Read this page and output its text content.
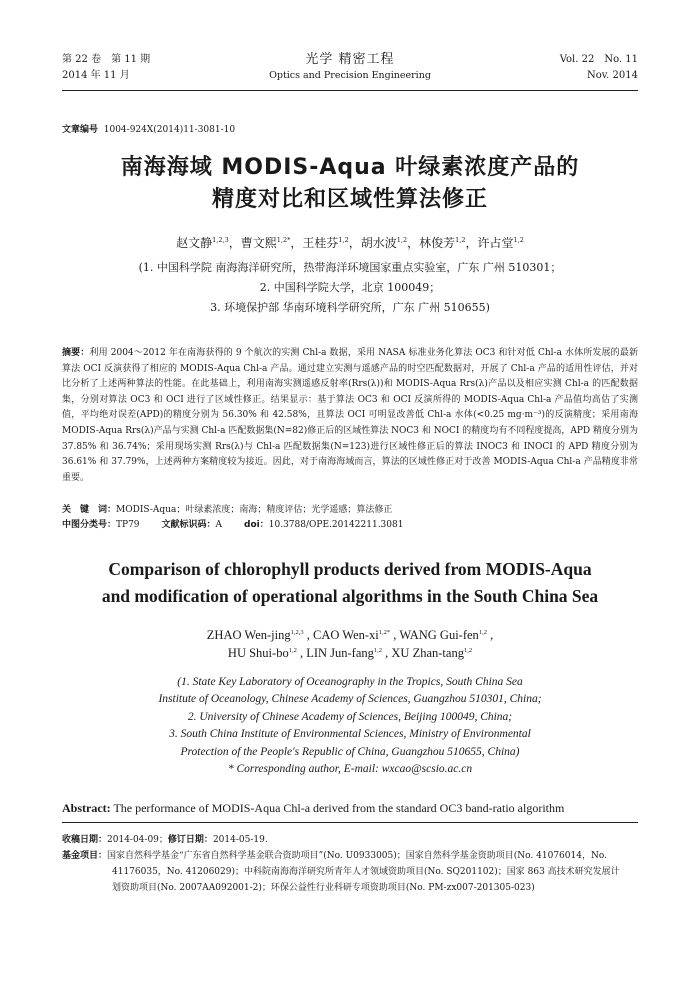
第 22 卷　第 11 期
2014 年 11 月
光学 精密工程
Optics and Precision Engineering
Vol. 22　No. 11
Nov. 2014
文章编号 1004-924X(2014)11-3081-10
南海海域 MODIS-Aqua 叶绿素浓度产品的
精度对比和区域性算法修正
赵文静$^{1,2,3}$，曹文熙$^{1,2*}$，王桂芬$^{1,2}$，胡水波$^{1,2}$，林俊芳$^{1,2}$，许占堂$^{1,2}$
(1. 中国科学院 南海海洋研究所，热带海洋环境国家重点实验室，广东 广州 510301；
2. 中国科学院大学，北京 100049；
3. 环境保护部 华南环境科学研究所，广东 广州 510655)
摘要：利用 2004～2012 年在南海获得的 9 个航次的实测 Chl-a 数据，采用 NASA 标准业务化算法 OC3 和针对低 Chl-a 水体所发展的最新算法 OCI 反演获得了相应的 MODIS-Aqua Chl-a 产品。通过建立实测与遥感产品的时空匹配数据对，开展了 Chl-a 产品的适用性评估，并对比分析了上述两种算法的性能。在此基础上，利用南海实测遥感反射率(Rrs(λ))和 MODIS-Aqua Rrs(λ)产品以及相应实测 Chl-a 的匹配数据集，分别对算法 OC3 和 OCI 进行了区域性修正。结果显示：基于算法 OC3 和 OCI 反演所得的 MODIS-Aqua Chl-a 产品值均高估了实测值，平均绝对误差(APD)的精度分别为 56.30% 和 42.58%，且算法 OCI 可明显改善低 Chl-a 水体(<0.25 mg·m⁻³)的反演精度；采用南海 MODIS-Aqua Rrs(λ)产品与实测 Chl-a 匹配数据集(N=82)修正后的区域性算法 NOC3 和 NOCI 的精度均有不同程度提高，APD 精度分别为 37.85% 和 36.74%；采用现场实测 Rrs(λ)与 Chl-a 匹配数据集(N=123)进行区域性修正后的算法 INOC3 和 INOCI 的 APD 精度分别为 36.61% 和 37.79%，上述两种方案精度较为接近。因此，对于南海海域而言，算法的区域性修正对于改善 MODIS-Aqua Chl-a 产品精度非常重要。
关　键　词：MODIS-Aqua；叶绿素浓度；南海；精度评估；光学遥感；算法修正
中图分类号：TP79 文献标识码：A doi：10.3788/OPE.20142211.3081
Comparison of chlorophyll products derived from MODIS-Aqua
and modification of operational algorithms in the South China Sea
ZHAO Wen-jing$^{1,2,3}$ , CAO Wen-$xi^{1,2*}$ , WANG Gui-fen$^{1,2}$ ,
HU Shui-bo$^{1,2}$ , LIN Jun-fang$^{1,2}$ , XU Zhan-tang$^{1,2}$
(1. State Key Laboratory of Oceanography in the Tropics, South China Sea
Institute of Oceanology, Chinese Academy of Sciences, Guangzhou 510301, China;
2. University of Chinese Academy of Sciences, Beijing 100049, China;
3. South China Institute of Environmental Sciences, Ministry of Environmental
Protection of the People's Republic of China, Guangzhou 510655, China)
* Corresponding author, E-mail: wxcao@scsio.ac.cn
Abstract: The performance of MODIS-Aqua Chl-a derived from the standard OC3 band-ratio algorithm
收稿日期：2014-04-09；修订日期：2014-05-19.
基金项目：国家自然科学基金“广东省自然科学基金联合资助项目”(No. U0933005)；国家自然科学基金资助项目(No. 41076014，No. 41176035，No. 41206029)；中科院南海海洋研究所青年人才领域资助项目(No. SQ201102)；国家 863 高技术研究发展计划资助项目(No. 2007AA092001-2)；环保公益性行业科研专项资助项目(No. PM-zx007-201305-023)
